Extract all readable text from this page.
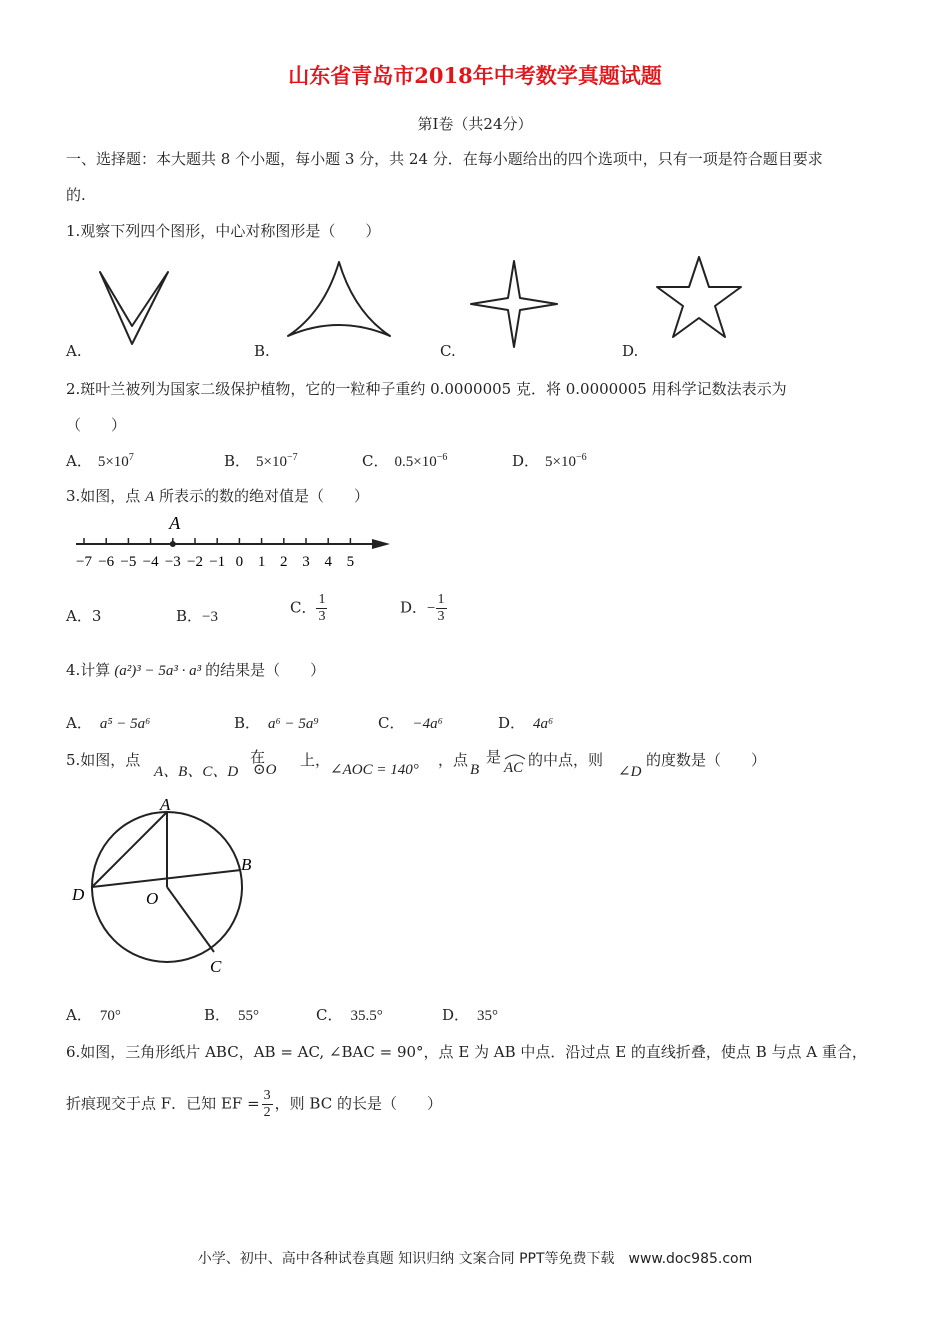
山东省青岛市2018年中考数学真题试题
第Ⅰ卷（共24分）
一、选择题：本大题共 8 个小题，每小题 3 分，共 24 分．在每小题给出的四个选项中，只有一项是符合题目要求
的.
1.观察下列四个图形，中心对称图形是（　　）
A.	B.	C.	D.
2.斑叶兰被列为国家二级保护植物，它的一粒种子重约 0.0000005 克．将 0.0000005 用科学记数法表示为
（　　）
A． $5\times 10^7$	B． $5\times 10^{-7}$	C． $0.5\times 10^{-6}$	D． $5\times 10^{-6}$
3.如图，点 A 所表示的数的绝对值是（　　）
−7 −6 −5 −4 −3 −2 −1 0 1 2 3 4 5
A
A．3	B．−3
C． $\frac{1}{3}$	D．− $\frac{1}{3}$
4.计算 (a²)³ − 5a³ · a³ 的结果是（　　）
A． a⁵ − 5a⁶	B． a⁶ − 5a⁹	C． −4a⁶	D． 4a⁶
5.如图，点
A、B、C、D
在
⊙O
上，
∠AOC = 140°
，点
B
是
AC 的中点，则
∠D
的度数是（　　）
A
B
C
D	O
A． 70°	B． 55°	C． 35.5°	D． 35°
6.如图，三角形纸片 ABC，AB = AC, ∠BAC = 90°，点 E 为 AB 中点．沿过点 E 的直线折叠，使点 B 与点 A 重合，
折痕现交于点 F．已知 EF = $\frac{3}{2}$ ，则 BC 的长是（　　）
小学、初中、高中各种试卷真题 知识归纳 文案合同 PPT等免费下载　www.doc985.com
